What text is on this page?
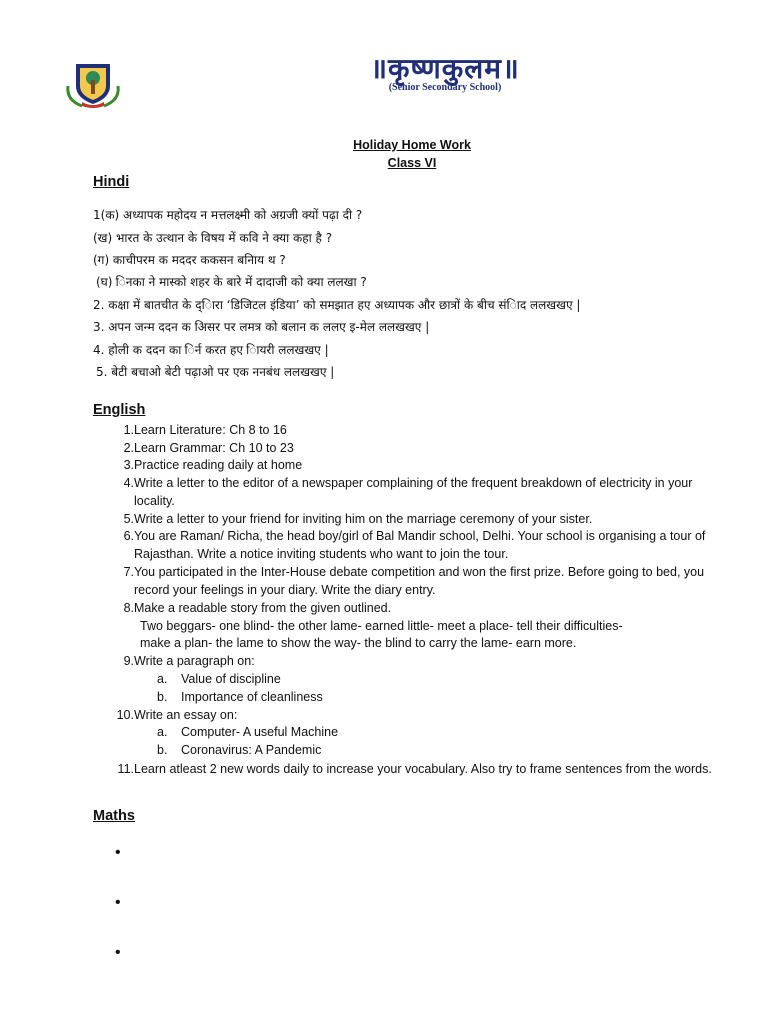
॥कृष्णकुलम॥
(Senior Secondary School)
Holiday Home Work
Class VI
Hindi
1(क) अध्यापक महोदय न मत्तलक्ष्मी को अग्रजी क्यों पढ़ा दी ?
(ख) भारत के उत्थान के विषय में कवि ने क्या कहा है ?
(ग) काचीपरम क मददर ककसन बनिाय थ ?
(घ) िनका ने मास्को शहर के बारे में दादाजी को क्या ललखा ?
2. कक्षा में बातचीत के द्िारा ‘डिजिटल इंडिया’ को समझात हए अध्यापक और छात्रों के बीच संिाद ललखखए |
3. अपन जन्म ददन क अिसर पर लमत्र को बलान क ललए इ-मेल ललखखए |
4. होली क ददन का िर्न करत हए िायरी ललखखए |
5. बेटी बचाओ बेटी पढ़ाओ पर एक ननबंध ललखखए |
English
1. Learn Literature: Ch 8 to 16
2. Learn Grammar: Ch 10 to 23
3. Practice reading daily at home
4. Write a letter to the editor of a newspaper complaining of the frequent breakdown of electricity in your locality.
5. Write a letter to your friend for inviting him on the marriage ceremony of your sister.
6. You are Raman/ Richa, the head boy/girl of Bal Mandir school, Delhi. Your school is organising a tour of Rajasthan. Write a notice inviting students who want to join the tour.
7. You participated in the Inter-House debate competition and won the first prize. Before going to bed, you record your feelings in your diary. Write the diary entry.
8. Make a readable story from the given outlined.
Two beggars- one blind- the other lame- earned little- meet a place- tell their difficulties-
make a plan- the lame to show the way- the blind to carry the lame- earn more.
9. Write a paragraph on:
a. Value of discipline
b. Importance of cleanliness
10. Write an essay on:
a. Computer- A useful Machine
b. Coronavirus: A Pandemic
11. Learn atleast 2 new words daily to increase your vocabulary. Also try to frame sentences from the words.
Maths
•
•
•
